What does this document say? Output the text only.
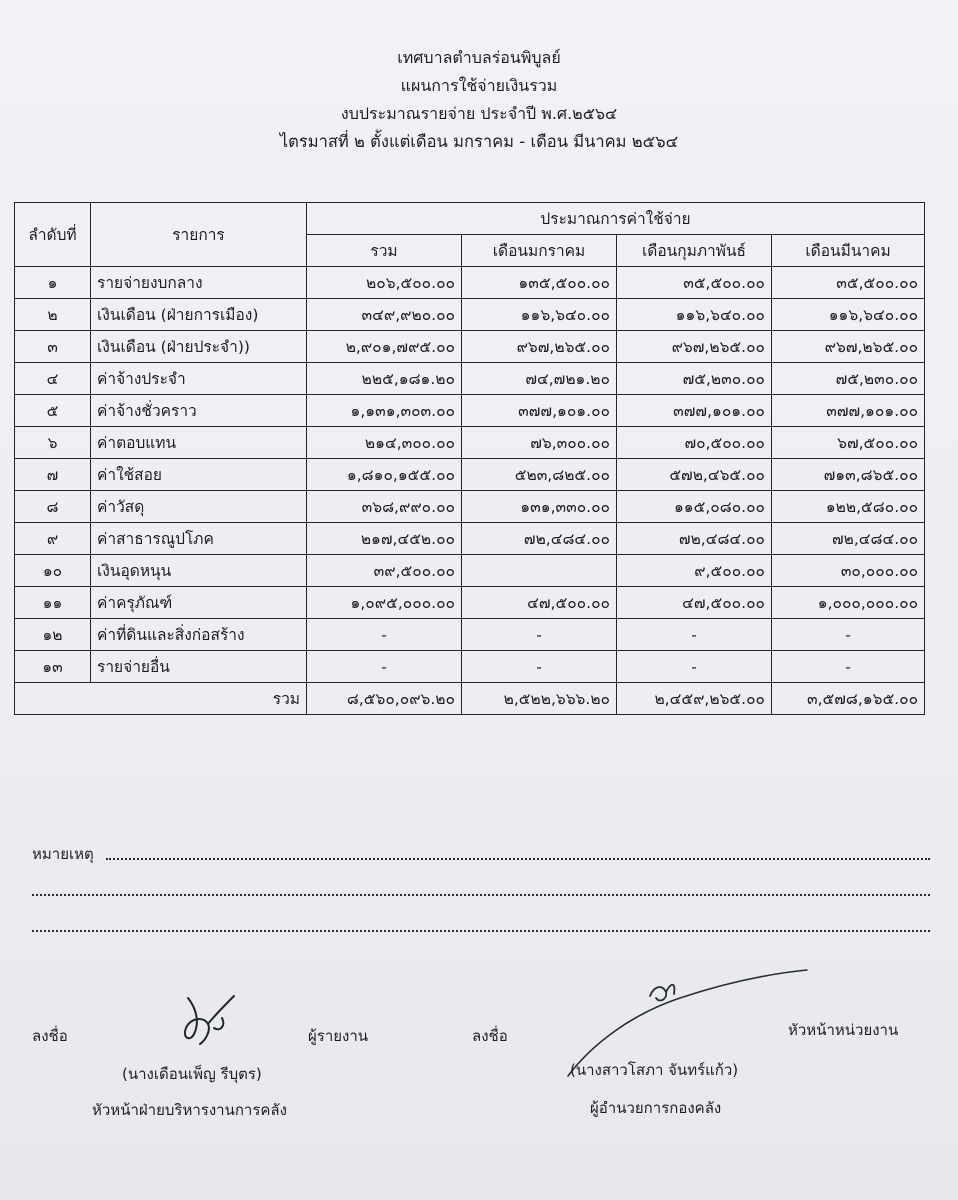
เทศบาลตำบลร่อนพิบูลย์
แผนการใช้จ่ายเงินรวม
งบประมาณรายจ่าย ประจำปี พ.ศ.๒๕๖๔
ไตรมาสที่ ๒ ตั้งแต่เดือน มกราคม - เดือน มีนาคม ๒๕๖๔
ลำดับที่	รายการ	ประมาณการค่าใช้จ่าย			
		รวม	เดือนมกราคม	เดือนกุมภาพันธ์	เดือนมีนาคม
๑	รายจ่ายงบกลาง	๒๐๖,๕๐๐.๐๐	๑๓๕,๕๐๐.๐๐	๓๕,๕๐๐.๐๐	๓๕,๕๐๐.๐๐
๒	เงินเดือน (ฝ่ายการเมือง)	๓๔๙,๙๒๐.๐๐	๑๑๖,๖๔๐.๐๐	๑๑๖,๖๔๐.๐๐	๑๑๖,๖๔๐.๐๐
๓	เงินเดือน (ฝ่ายประจำ))	๒,๙๐๑,๗๙๕.๐๐	๙๖๗,๒๖๕.๐๐	๙๖๗,๒๖๕.๐๐	๙๖๗,๒๖๕.๐๐
๔	ค่าจ้างประจำ	๒๒๕,๑๘๑.๒๐	๗๔,๗๒๑.๒๐	๗๕,๒๓๐.๐๐	๗๕,๒๓๐.๐๐
๕	ค่าจ้างชั่วคราว	๑,๑๓๑,๓๐๓.๐๐	๓๗๗,๑๐๑.๐๐	๓๗๗,๑๐๑.๐๐	๓๗๗,๑๐๑.๐๐
๖	ค่าตอบแทน	๒๑๔,๓๐๐.๐๐	๗๖,๓๐๐.๐๐	๗๐,๕๐๐.๐๐	๖๗,๕๐๐.๐๐
๗	ค่าใช้สอย	๑,๘๑๐,๑๕๕.๐๐	๕๒๓,๘๒๕.๐๐	๕๗๒,๔๖๕.๐๐	๗๑๓,๘๖๕.๐๐
๘	ค่าวัสดุ	๓๖๘,๙๙๐.๐๐	๑๓๑,๓๓๐.๐๐	๑๑๕,๐๘๐.๐๐	๑๒๒,๕๘๐.๐๐
๙	ค่าสาธารณูปโภค	๒๑๗,๔๕๒.๐๐	๗๒,๔๘๔.๐๐	๗๒,๔๘๔.๐๐	๗๒,๔๘๔.๐๐
๑๐	เงินอุดหนุน	๓๙,๕๐๐.๐๐		๙,๕๐๐.๐๐	๓๐,๐๐๐.๐๐
๑๑	ค่าครุภัณฑ์	๑,๐๙๕,๐๐๐.๐๐	๔๗,๕๐๐.๐๐	๔๗,๕๐๐.๐๐	๑,๐๐๐,๐๐๐.๐๐
๑๒	ค่าที่ดินและสิ่งก่อสร้าง	-	-	-	-
๑๓	รายจ่ายอื่น	-	-	-	-
รวม		๘,๕๖๐,๐๙๖.๒๐	๒,๕๒๒,๖๖๖.๒๐	๒,๔๕๙,๒๖๕.๐๐	๓,๕๗๘,๑๖๕.๐๐
หมายเหตุ
ลงชื่อ	ผู้รายงาน
(นางเดือนเพ็ญ รีบุตร)
หัวหน้าฝ่ายบริหารงานการคลัง
ลงชื่อ	หัวหน้าหน่วยงาน
(นางสาวโสภา จันทร์แก้ว)
ผู้อำนวยการกองคลัง
